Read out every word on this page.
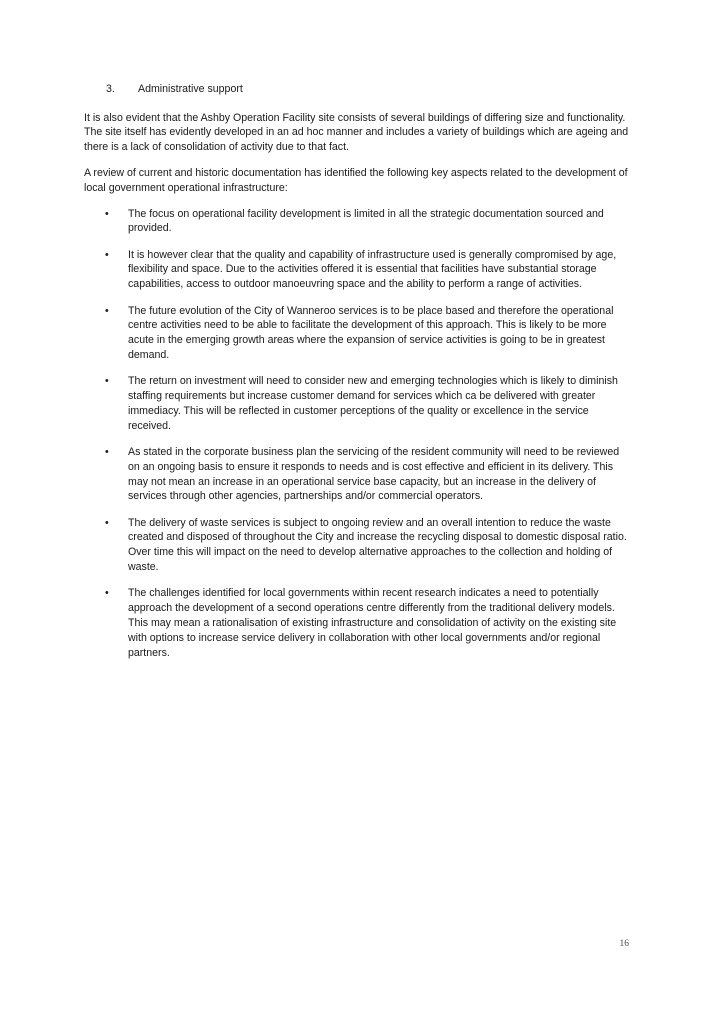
3.	Administrative support

It is also evident that the Ashby Operation Facility site consists of several buildings of differing size and functionality. The site itself has evidently developed in an ad hoc manner and includes a variety of buildings which are ageing and there is a lack of consolidation of activity due to that fact.

A review of current and historic documentation has identified the following key aspects related to the development of local government operational infrastructure:

•	The focus on operational facility development is limited in all the strategic documentation sourced and provided.
•	It is however clear that the quality and capability of infrastructure used is generally compromised by age, flexibility and space. Due to the activities offered it is essential that facilities have substantial storage capabilities, access to outdoor manoeuvring space and the ability to perform a range of activities.
•	The future evolution of the City of Wanneroo services is to be place based and therefore the operational centre activities need to be able to facilitate the development of this approach. This is likely to be more acute in the emerging growth areas where the expansion of service activities is going to be in greatest demand.
•	The return on investment will need to consider new and emerging technologies which is likely to diminish staffing requirements but increase customer demand for services which ca be delivered with greater immediacy. This will be reflected in customer perceptions of the quality or excellence in the service received.
•	As stated in the corporate business plan the servicing of the resident community will need to be reviewed on an ongoing basis to ensure it responds to needs and is cost effective and efficient in its delivery. This may not mean an increase in an operational service base capacity, but an increase in the delivery of services through other agencies, partnerships and/or commercial operators.
•	The delivery of waste services is subject to ongoing review and an overall intention to reduce the waste created and disposed of throughout the City and increase the recycling disposal to domestic disposal ratio. Over time this will impact on the need to develop alternative approaches to the collection and holding of waste.
•	The challenges identified for local governments within recent research indicates a need to potentially approach the development of a second operations centre differently from the traditional delivery models. This may mean a rationalisation of existing infrastructure and consolidation of activity on the existing site with options to increase service delivery in collaboration with other local governments and/or regional partners.
16
